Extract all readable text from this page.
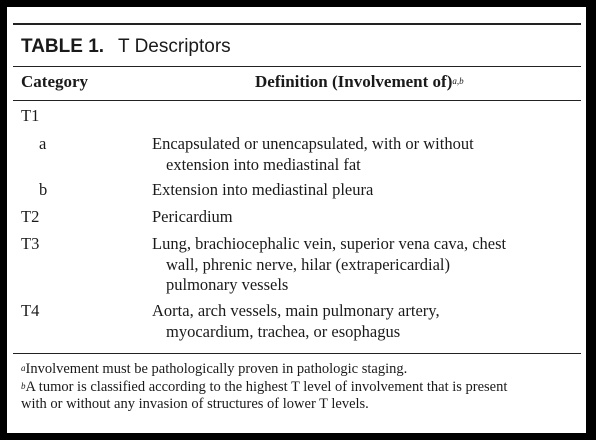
TABLE 1. T Descriptors
Category	Definition (Involvement of)$^{a,b}$
T1
a	Encapsulated or unencapsulated, with or without
extension into mediastinal fat
b	Extension into mediastinal pleura
T2	Pericardium
T3	Lung, brachiocephalic vein, superior vena cava, chest
wall, phrenic nerve, hilar (extrapericardial)
pulmonary vessels
T4	Aorta, arch vessels, main pulmonary artery,
myocardium, trachea, or esophagus
$^a$Involvement must be pathologically proven in pathologic staging.
$^b$A tumor is classified according to the highest T level of involvement that is present
with or without any invasion of structures of lower T levels.
